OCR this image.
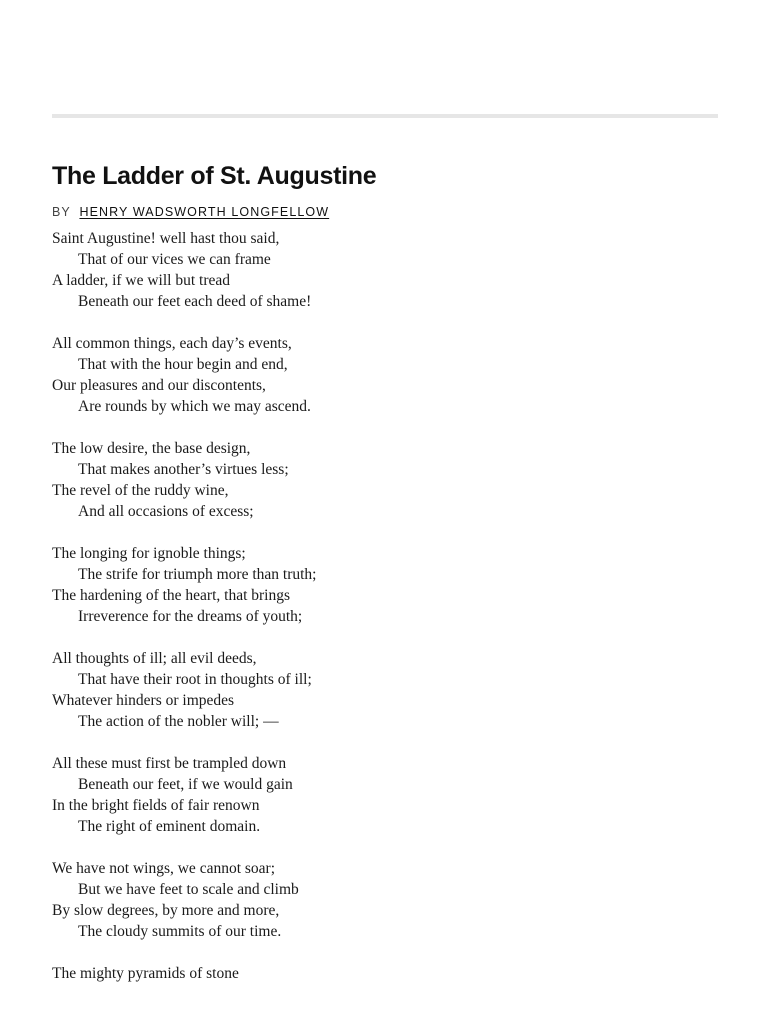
The Ladder of St. Augustine
BY HENRY WADSWORTH LONGFELLOW
Saint Augustine! well hast thou said,
That of our vices we can frame
A ladder, if we will but tread
Beneath our feet each deed of shame!
All common things, each day’s events,
That with the hour begin and end,
Our pleasures and our discontents,
Are rounds by which we may ascend.
The low desire, the base design,
That makes another’s virtues less;
The revel of the ruddy wine,
And all occasions of excess;
The longing for ignoble things;
The strife for triumph more than truth;
The hardening of the heart, that brings
Irreverence for the dreams of youth;
All thoughts of ill; all evil deeds,
That have their root in thoughts of ill;
Whatever hinders or impedes
The action of the nobler will; —
All these must first be trampled down
Beneath our feet, if we would gain
In the bright fields of fair renown
The right of eminent domain.
We have not wings, we cannot soar;
But we have feet to scale and climb
By slow degrees, by more and more,
The cloudy summits of our time.
The mighty pyramids of stone
